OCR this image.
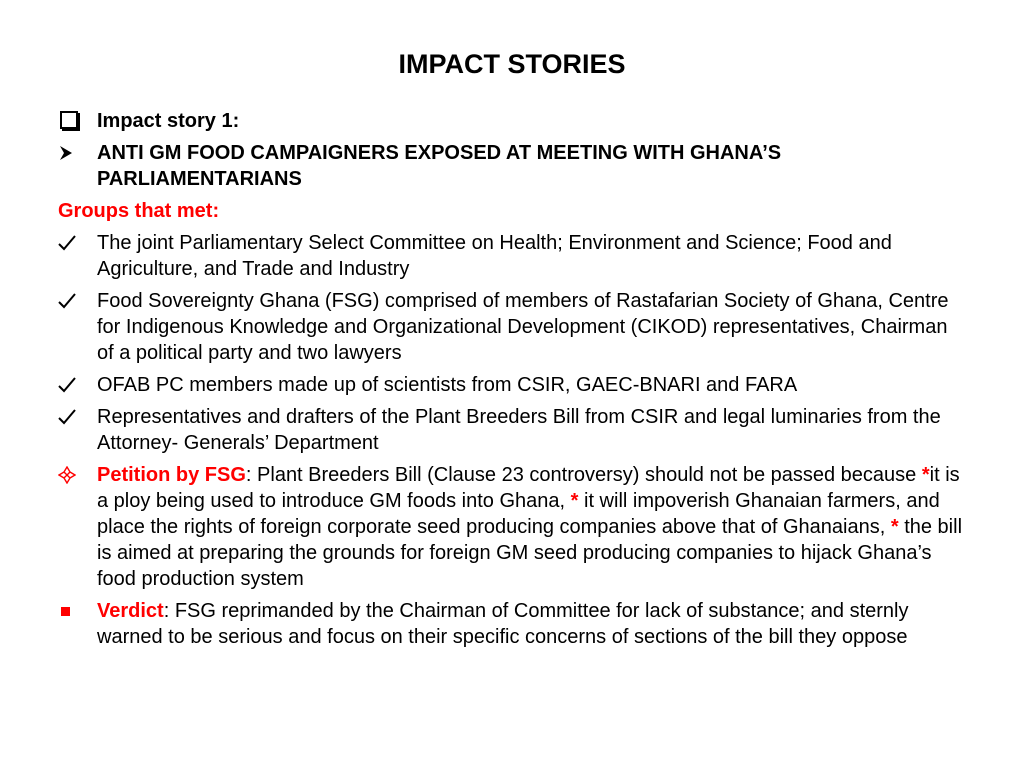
IMPACT STORIES
Impact story 1:
ANTI GM FOOD CAMPAIGNERS EXPOSED AT MEETING WITH GHANA’S PARLIAMENTARIANS
Groups that met:
The joint Parliamentary Select Committee on Health; Environment and Science; Food and Agriculture, and Trade and Industry
Food Sovereignty Ghana (FSG) comprised of members of Rastafarian Society of Ghana, Centre for Indigenous Knowledge and Organizational Development (CIKOD) representatives, Chairman of a political party and two lawyers
OFAB PC members made up of scientists from CSIR, GAEC-BNARI and FARA
Representatives and drafters of the Plant Breeders Bill from CSIR and legal luminaries from the Attorney- Generals’ Department
Petition by FSG: Plant Breeders Bill (Clause 23 controversy) should not be passed because *it is a ploy being used to introduce GM foods into Ghana, * it will impoverish Ghanaian farmers, and place the rights of foreign corporate seed producing companies above that of Ghanaians, * the bill is aimed at preparing the grounds for foreign GM seed producing companies to hijack Ghana’s food production system
Verdict: FSG reprimanded by the Chairman of Committee for lack of substance; and sternly warned to be serious and focus on their specific concerns of sections of the bill they oppose
